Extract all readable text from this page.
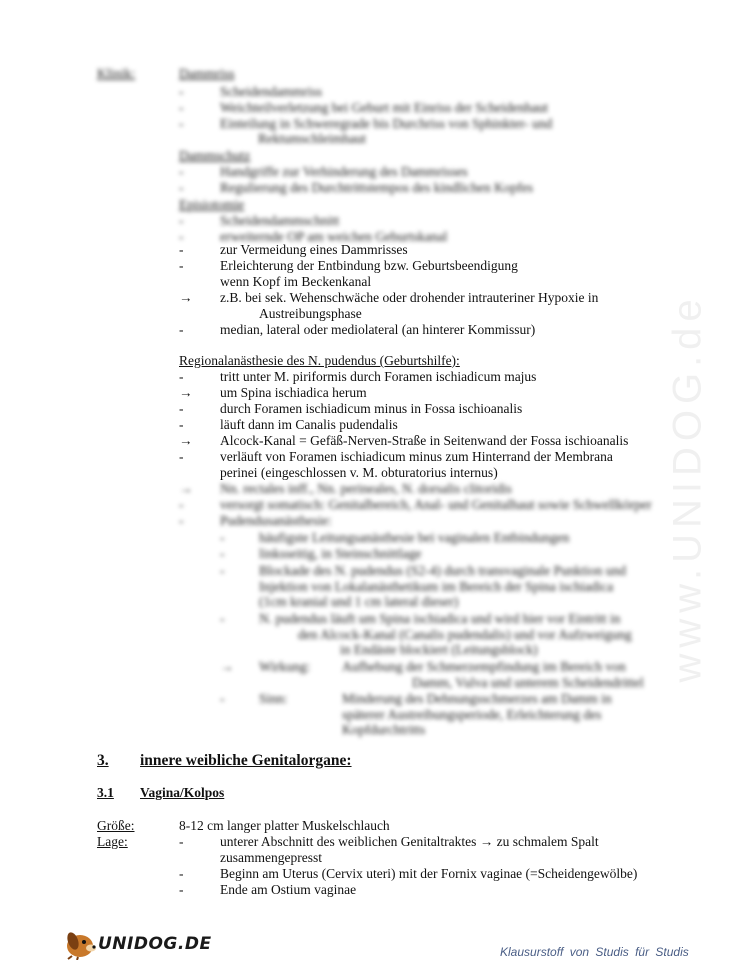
www.UNIDOG.de
Klinik:	Dammriss
-	Scheidendammriss
-	Weichteilverletzung bei Geburt mit Einriss der Scheidenhaut
-	Einteilung in Schweregrade bis Durchriss von Sphinkter- und
Rektumschleimhaut
Dammschutz
-	Handgriffe zur Verhinderung des Dammrisses
-	Regulierung des Durchtrittstempos des kindlichen Kopfes
Episiotomie
-	Scheidendammschnitt
-	erweiternde OP am weichen Geburtskanal
-	zur Vermeidung eines Dammrisses
-	Erleichterung der Entbindung bzw. Geburtsbeendigung
wenn Kopf im Beckenkanal
→ z.B. bei sek. Wehenschwäche oder drohender intrauteriner Hypoxie in
Austreibungsphase
-	median, lateral oder mediolateral (an hinterer Kommissur)
Regionalanästhesie des N. pudendus (Geburtshilfe):
-	tritt unter M. piriformis durch Foramen ischiadicum majus
→ um Spina ischiadica herum
-	durch Foramen ischiadicum minus in Fossa ischioanalis
-	läuft dann im Canalis pudendalis
→ Alcock-Kanal = Gefäß-Nerven-Straße in Seitenwand der Fossa ischioanalis
-	verläuft von Foramen ischiadicum minus zum Hinterrand der Membrana
perinei (eingeschlossen v. M. obturatorius internus)
→ Nn. rectales inff., Nn. perineales, N. dorsalis clitoridis
-	versorgt somatisch: Genitalbereich, Anal- und Genitalhaut sowie Schwellkörper
-	Pudendusanästhesie:
-	häufigste Leitungsanästhesie bei vaginalen Entbindungen
-	linksseitig, in Steinschnittlage
-	Blockade des N. pudendus (S2-4) durch transvaginale Punktion und
Injektion von Lokalanästhetikum im Bereich der Spina ischiadica
(1cm kranial und 1 cm lateral dieser)
-	N. pudendus läuft um Spina ischiadica und wird hier vor Eintritt in
den Alcock-Kanal (Canalis pudendalis) und vor Aufzweigung
in Endäste blockiert (Leitungsblock)
→ Wirkung: Aufhebung der Schmerzempfindung im Bereich von
Damm, Vulva und unterem Scheidendrittel
-	Sinn:	Minderung des Dehnungsschmerzes am Damm in
späterer Austreibungsperiode, Erleichterung des
Kopfdurchtritts
3. innere weibliche Genitalorgane:
3.1 Vagina/Kolpos
Größe:	8-12 cm langer platter Muskelschlauch
Lage:	-	unterer Abschnitt des weiblichen Genitaltraktes → zu schmalem Spalt
zusammengepresst
-	Beginn am Uterus (Cervix uteri) mit der Fornix vaginae (=Scheidengewölbe)
-	Ende am Ostium vaginae
UNIDOG.DE	Klausurstoff von Studis für Studis
